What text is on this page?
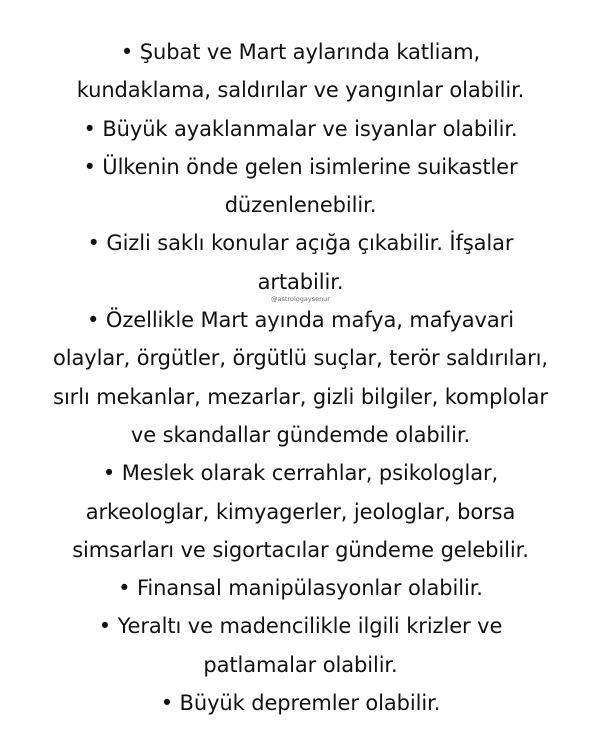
• Şubat ve Mart aylarında katliam,
kundaklama, saldırılar ve yangınlar olabilir.
• Büyük ayaklanmalar ve isyanlar olabilir.
• Ülkenin önde gelen isimlerine suikastler
düzenlenebilir.
• Gizli saklı konular açığa çıkabilir. İfşalar
artabilir.
• Özellikle Mart ayında mafya, mafyavari
olaylar, örgütler, örgütlü suçlar, terör saldırıları,
sırlı mekanlar, mezarlar, gizli bilgiler, komplolar
ve skandallar gündemde olabilir.
• Meslek olarak cerrahlar, psikologlar,
arkeologlar, kimyagerler, jeologlar, borsa
simsarları ve sigortacılar gündeme gelebilir.
• Finansal manipülasyonlar olabilir.
• Yeraltı ve madencilikle ilgili krizler ve
patlamalar olabilir.
• Büyük depremler olabilir.
@astrologaysenur
